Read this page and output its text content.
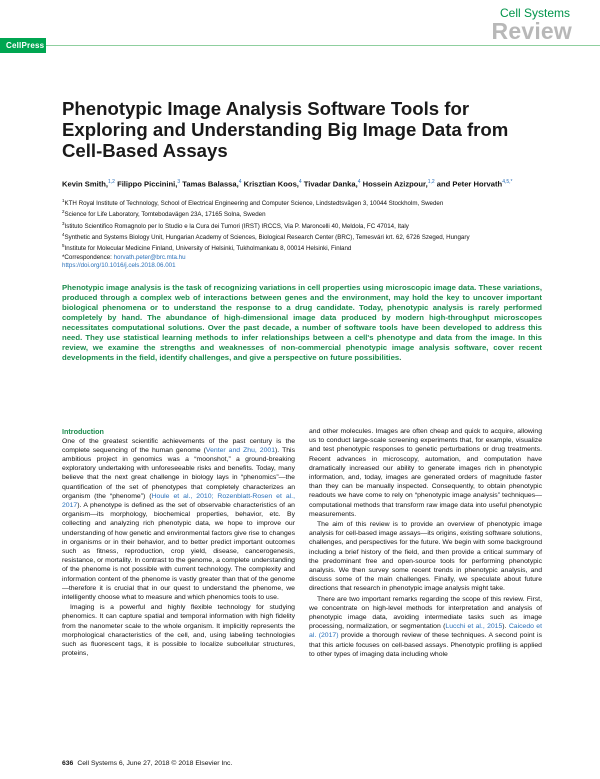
CellPress
Cell Systems
Review
Phenotypic Image Analysis Software Tools for Exploring and Understanding Big Image Data from Cell-Based Assays
Kevin Smith,$^{1,2}$ Filippo Piccinini,$^3$ Tamas Balassa,$^4$ Krisztian Koos,$^4$ Tivadar Danka,$^4$ Hossein Azizpour,$^{1,2}$ and Peter Horvath$^{4,5,*}$
$^1$KTH Royal Institute of Technology, School of Electrical Engineering and Computer Science, Lindstedtsvägen 3, 10044 Stockholm, Sweden
$^2$Science for Life Laboratory, Tomtebodavägen 23A, 17165 Solna, Sweden
$^3$Istituto Scientifico Romagnolo per lo Studio e la Cura dei Tumori (IRST) IRCCS, Via P. Maroncelli 40, Meldola, FC 47014, Italy
$^4$Synthetic and Systems Biology Unit, Hungarian Academy of Sciences, Biological Research Center (BRC), Temesvári krt. 62, 6726 Szeged, Hungary
$^5$Institute for Molecular Medicine Finland, University of Helsinki, Tukholmankatu 8, 00014 Helsinki, Finland
*Correspondence: horvath.peter@brc.mta.hu
https://doi.org/10.1016/j.cels.2018.06.001
Phenotypic image analysis is the task of recognizing variations in cell properties using microscopic image data. These variations, produced through a complex web of interactions between genes and the environment, may hold the key to uncover important biological phenomena or to understand the response to a drug candidate. Today, phenotypic analysis is rarely performed completely by hand. The abundance of high-dimensional image data produced by modern high-throughput microscopes necessitates computational solutions. Over the past decade, a number of software tools have been developed to address this need. They use statistical learning methods to infer relationships between a cell's phenotype and data from the image. In this review, we examine the strengths and weaknesses of non-commercial phenotypic image analysis software, cover recent developments in the field, identify challenges, and give a perspective on future possibilities.
Introduction

One of the greatest scientific achievements of the past century is the complete sequencing of the human genome (Venter and Zhu, 2001). This ambitious project in genomics was a “moonshot,” a ground-breaking exploratory undertaking with unforeseeable risks and benefits. Today, many believe that the next great challenge in biology lays in “phenomics”—the quantification of the set of phenotypes that completely characterizes an organism (the “phenome”) (Houle et al., 2010; Rozenblatt-Rosen et al., 2017). A phenotype is defined as the set of observable characteristics of an organism—its morphology, biochemical properties, behavior, etc. By collecting and analyzing rich phenotypic data, we hope to improve our understanding of how genetic and environmental factors give rise to changes in organisms or in their behavior, and to better predict important outcomes such as fitness, reproduction, crop yield, disease, cancerogenesis, resistance, or mortality. In contrast to the genome, a complete understanding of the phenome is not possible with current technology. The complexity and information content of the phenome is vastly greater than that of the genome—therefore it is crucial that in our quest to understand the phenome, we intelligently choose what to measure and which phenomics tools to use.

Imaging is a powerful and highly flexible technology for studying phenomics. It can capture spatial and temporal information with high fidelity from the nanometer scale to the whole organism. It implicitly represents the morphological characteristics of the cell, and, using labeling technologies such as fluorescent tags, it is possible to localize subcellular structures, proteins,

and other molecules. Images are often cheap and quick to acquire, allowing us to conduct large-scale screening experiments that, for example, visualize and test phenotypic responses to genetic perturbations or drug treatments. Recent advances in microscopy, automation, and computation have dramatically increased our ability to generate images rich in phenotypic information, and, today, images are generated orders of magnitude faster than they can be manually inspected. Consequently, to obtain phenotypic readouts we have come to rely on “phenotypic image analysis” techniques—computational methods that transform raw image data into useful phenotypic measurements.

The aim of this review is to provide an overview of phenotypic image analysis for cell-based image assays—its origins, existing software solutions, challenges, and perspectives for the future. We begin with some background including a brief history of the field, and then provide a critical summary of the predominant free and open-source tools for performing phenotypic analysis. We then survey some recent trends in phenotypic analysis, and discuss some of the main challenges. Finally, we speculate about future directions that research in phenotypic image analysis might take.

There are two important remarks regarding the scope of this review. First, we concentrate on high-level methods for interpretation and analysis of phenotypic image data, avoiding intermediate tasks such as image processing, normalization, or segmentation (Lucchi et al., 2015). Caicedo et al. (2017) provide a thorough review of these techniques. A second point is that this article focuses on cell-based assays. Phenotypic profiling is applied to other types of imaging data including whole

636 Cell Systems 6, June 27, 2018 © 2018 Elsevier Inc.
